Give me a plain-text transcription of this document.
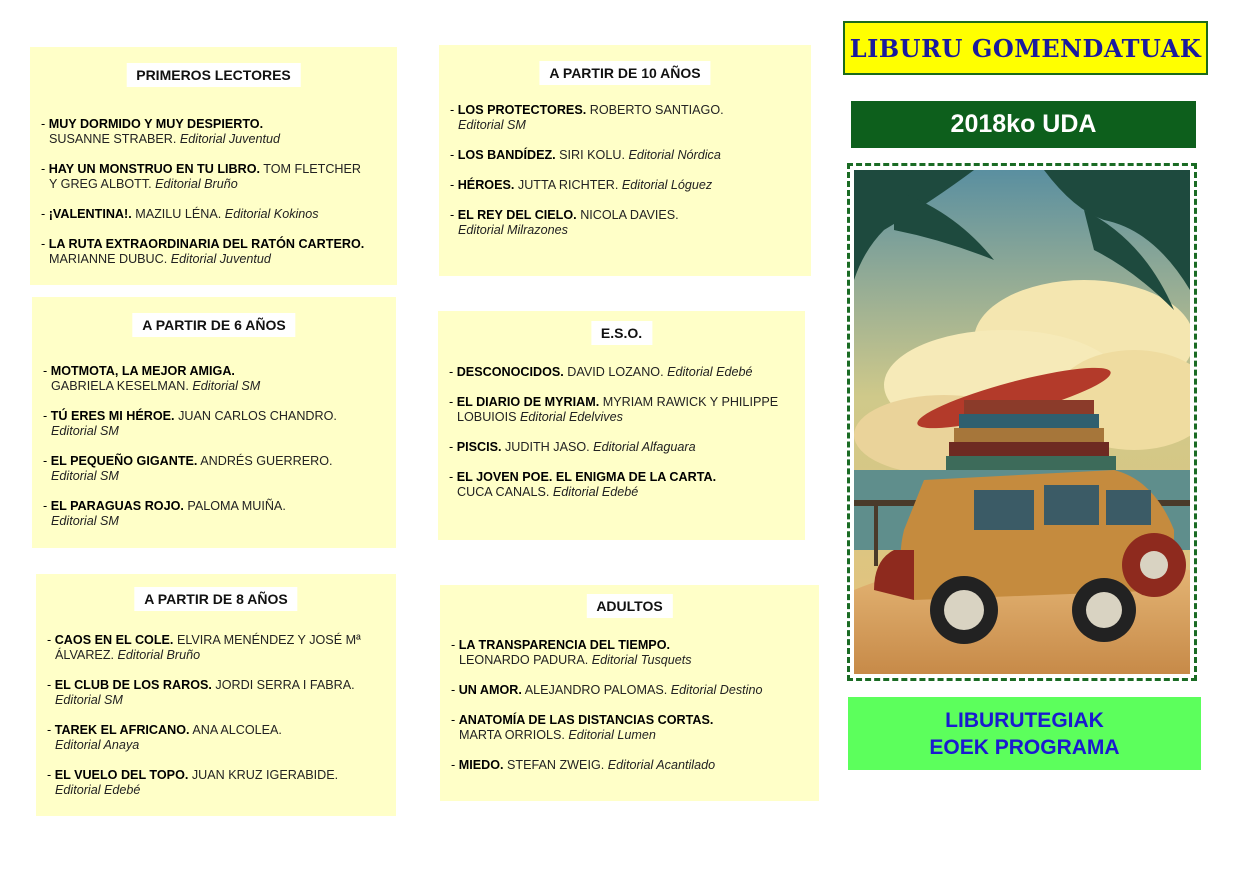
PRIMEROS LECTORES
- MUY DORMIDO Y MUY DESPIERTO.
SUSANNE STRABER. Editorial Juventud
- HAY UN MONSTRUO EN TU LIBRO. TOM FLETCHER
Y GREG ALBOTT. Editorial Bruño
- ¡VALENTINA!. MAZILU LÉNA. Editorial Kokinos
- LA RUTA EXTRAORDINARIA DEL RATÓN CARTERO.
MARIANNE DUBUC. Editorial Juventud
A PARTIR DE 6 AÑOS
- MOTMOTA, LA MEJOR AMIGA.
GABRIELA KESELMAN. Editorial SM
- TÚ ERES MI HÉROE. JUAN CARLOS CHANDRO.
Editorial SM
- EL PEQUEÑO GIGANTE. ANDRÉS GUERRERO.
Editorial SM
- EL PARAGUAS ROJO. PALOMA MUIÑA.
Editorial SM
A PARTIR DE 8 AÑOS
- CAOS EN EL COLE. ELVIRA MENÉNDEZ Y JOSÉ Mª
ÁLVAREZ. Editorial Bruño
- EL CLUB DE LOS RAROS. JORDI SERRA I FABRA.
Editorial SM
- TAREK EL AFRICANO. ANA ALCOLEA.
Editorial Anaya
- EL VUELO DEL TOPO. JUAN KRUZ IGERABIDE.
Editorial Edebé
A PARTIR DE 10 AÑOS
- LOS PROTECTORES. ROBERTO SANTIAGO.
Editorial SM
- LOS BANDÍDEZ. SIRI KOLU. Editorial Nórdica
- HÉROES. JUTTA RICHTER. Editorial Lóguez
- EL REY DEL CIELO. NICOLA DAVIES.
Editorial Milrazones
E.S.O.
- DESCONOCIDOS. DAVID LOZANO. Editorial Edebé
- EL DIARIO DE MYRIAM. MYRIAM RAWICK Y PHILIPPE
LOBUIOIS Editorial Edelvives
- PISCIS. JUDITH JASO. Editorial Alfaguara
- EL JOVEN POE. EL ENIGMA DE LA CARTA.
CUCA CANALS. Editorial Edebé
ADULTOS
- LA TRANSPARENCIA DEL TIEMPO.
LEONARDO PADURA. Editorial Tusquets
- UN AMOR. ALEJANDRO PALOMAS. Editorial Destino
- ANATOMÍA DE LAS DISTANCIAS CORTAS.
MARTA ORRIOLS. Editorial Lumen
- MIEDO. STEFAN ZWEIG. Editorial Acantilado
LIBURU GOMENDATUAK
2018ko UDA
LIBURUTEGIAK
EOEK PROGRAMA
